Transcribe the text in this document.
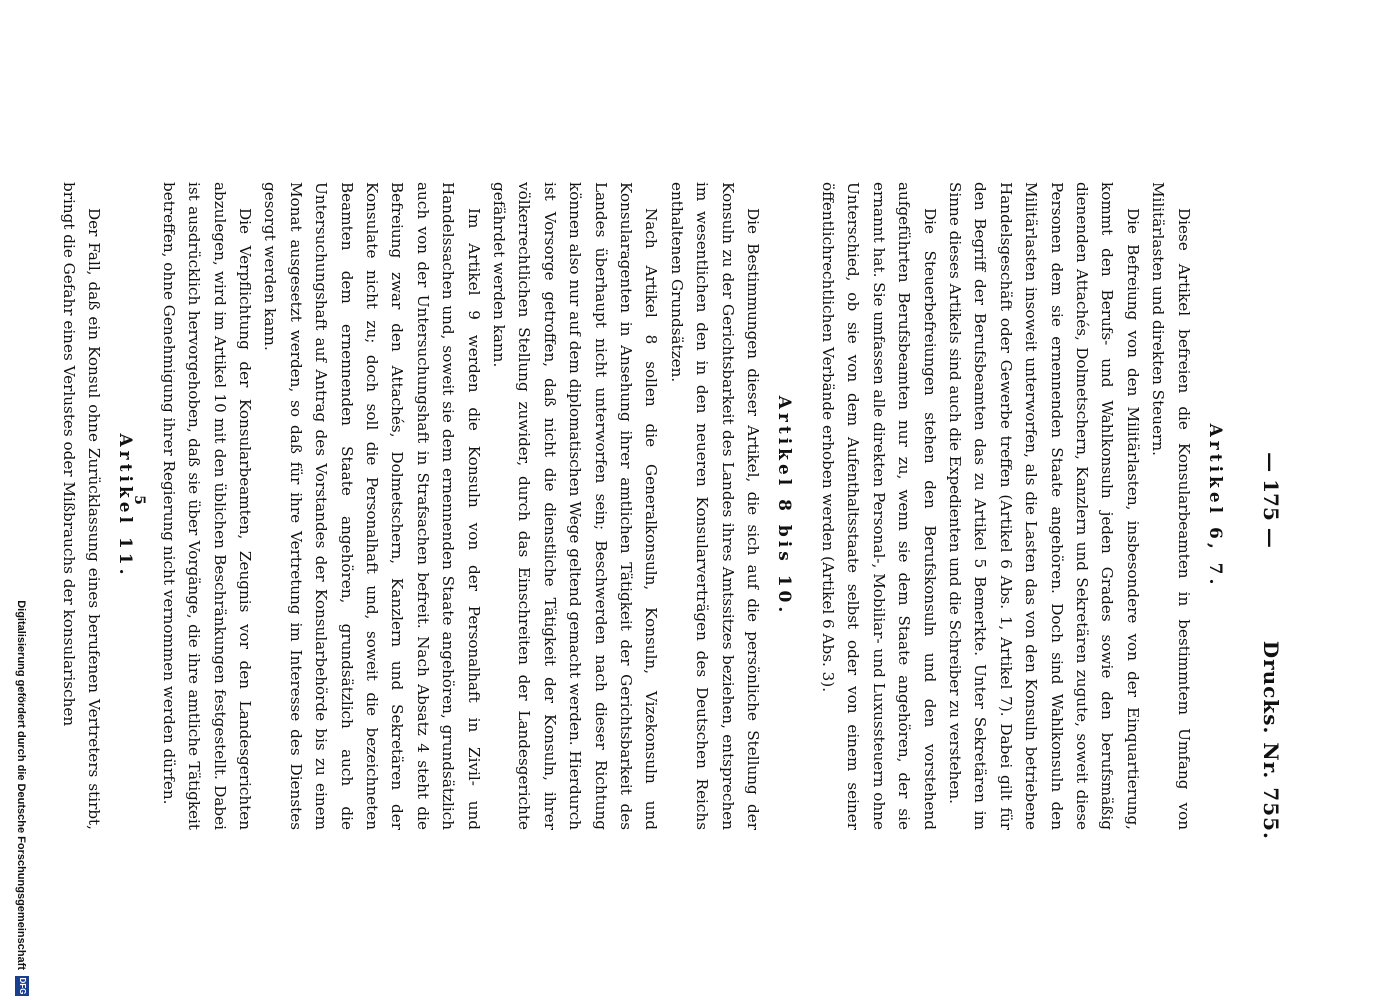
— 175 —
Drucks. Nr. 755.
Artikel 6, 7.

Diese Artikel befreien die Konsularbeamten in bestimmtem Umfang von Militärlasten und direkten Steuern.

Die Befreiung von den Militärlasten, insbesondere von der Einquartierung, kommt den Berufs- und Wahlkonsuln jeden Grades sowie den berufsmäßig dienenden Attachés, Dolmetschern, Kanzlern und Sekretären zugute, soweit diese Personen dem sie ernennenden Staate angehören. Doch sind Wahlkonsuln den Militärlasten insoweit unterworfen, als die Lasten das von den Konsuln betriebene Handelsgeschäft oder Gewerbe treffen (Artikel 6 Abs. 1, Artikel 7). Dabei gilt für den Begriff der Berufsbeamten das zu Artikel 5 Bemerkte. Unter Sekretären im Sinne dieses Artikels sind auch die Expedienten und die Schreiber zu verstehen.

Die Steuerbefreiungen stehen den Berufskonsuln und den vorstehend aufgeführten Berufsbeamten nur zu, wenn sie dem Staate angehören, der sie ernannt hat. Sie umfassen alle direkten Personal-, Mobiliar- und Luxussteuern ohne Unterschied, ob sie von dem Aufenthaltsstaate selbst oder von einem seiner öffentlichrechtlichen Verbände erhoben werden (Artikel 6 Abs. 3).

Artikel 8 bis 10.

Die Bestimmungen dieser Artikel, die sich auf die persönliche Stellung der Konsuln zu der Gerichtsbarkeit des Landes ihres Amtssitzes beziehen, entsprechen im wesentlichen den in den neueren Konsularverträgen des Deutschen Reichs enthaltenen Grundsätzen.

Nach Artikel 8 sollen die Generalkonsuln, Konsuln, Vizekonsuln und Konsularagenten in Ansehung ihrer amtlichen Tätigkeit der Gerichtsbarkeit des Landes überhaupt nicht unterworfen sein; Beschwerden nach dieser Richtung können also nur auf dem diplomatischen Wege geltend gemacht werden. Hierdurch ist Vorsorge getroffen, daß nicht die dienstliche Tätigkeit der Konsuln, ihrer völkerrechtlichen Stellung zuwider, durch das Einschreiten der Landesgerichte gefährdet werden kann.

Im Artikel 9 werden die Konsuln von der Personalhaft in Zivil- und Handelssachen und, soweit sie dem ernennenden Staate angehören, grundsätzlich auch von der Untersuchungshaft in Strafsachen befreit. Nach Absatz 4 steht die Befreiung zwar den Attachés, Dolmetschern, Kanzlern und Sekretären der Konsulate nicht zu; doch soll die Personalhaft und, soweit die bezeichneten Beamten dem ernennenden Staate angehören, grundsätzlich auch die Untersuchungshaft auf Antrag des Vorstandes der Konsularbehörde bis zu einem Monat ausgesetzt werden, so daß für ihre Vertretung im Interesse des Dienstes gesorgt werden kann.

Die Verpflichtung der Konsularbeamten, Zeugnis vor den Landesgerichten abzulegen, wird im Artikel 10 mit den üblichen Beschränkungen festgestellt. Dabei ist ausdrücklich hervorgehoben, daß sie über Vorgänge, die ihre amtliche Tätigkeit betreffen, ohne Genehmigung ihrer Regierung nicht vernommen werden dürfen.

Artikel 11.

Der Fall, daß ein Konsul ohne Zurücklassung eines berufenen Vertreters stirbt, bringt die Gefahr eines Verlustes oder Mißbrauchs der konsularischen	5
Digitalisierung gefördert durch die Deutsche Forschungsgemeinschaft
DFG
